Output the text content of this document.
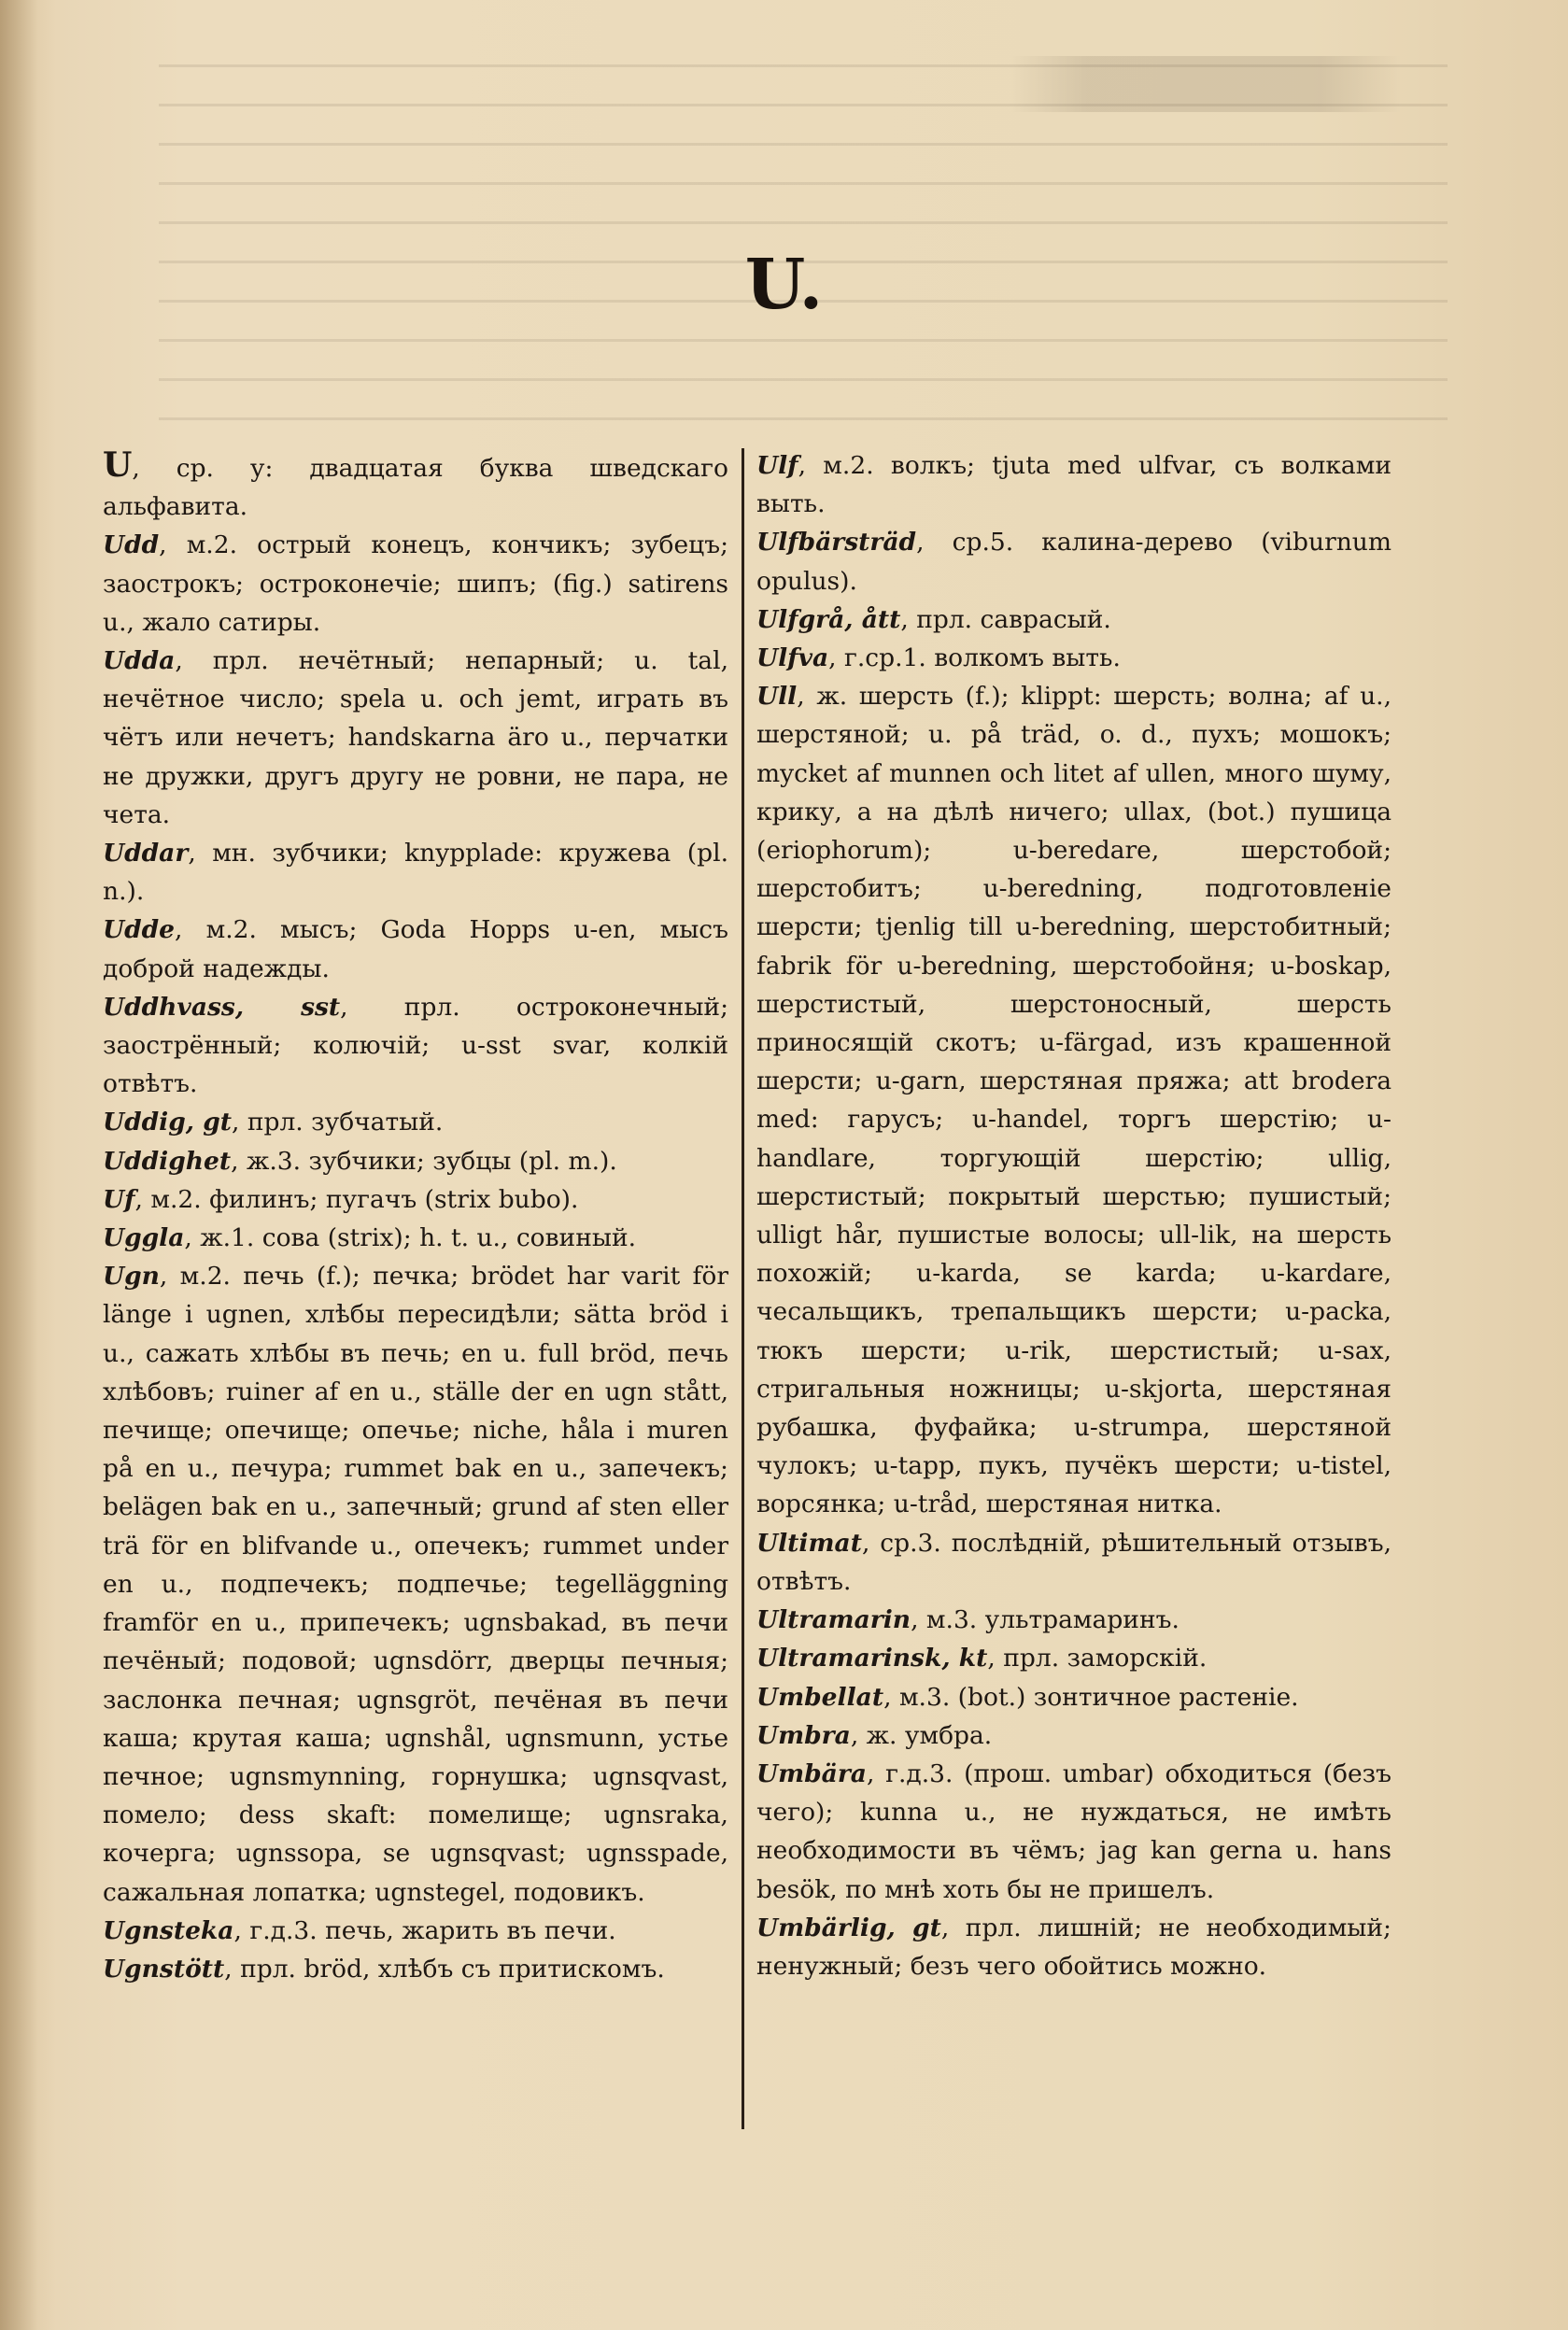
U.

U, ср. у: двадцатая буква шведскаго альфавита.

Udd, м.2. острый конецъ, кончикъ; зубецъ; заострокъ; остроконечіе; шипъ; (fig.) satirens u., жало сатиры.

Udda, прл. нечётный; непарный; u. tal, нечётное число; spela u. och jemt, играть въ чётъ или нечетъ; handskarna äro u., перчатки не дружки, другъ другу не ровни, не пара, не чета.

Uddar, мн. зубчики; knypplade: кружева (pl. n.).

Udde, м.2. мысъ; Goda Hopps u-en, мысъ доброй надежды.

Uddhvass, sst, прл. остроконечный; заострённый; колючій; u-sst svar, колкій отвѣтъ.

Uddig, gt, прл. зубчатый.

Uddighet, ж.3. зубчики; зубцы (pl. m.).

Uf, м.2. филинъ; пугачъ (strix bubo).

Uggla, ж.1. сова (strix); h. t. u., совиный.

Ugn, м.2. печь (f.); печка; brödet har varit för länge i ugnen, хлѣбы пересидѣли; sätta bröd i u., сажать хлѣбы въ печь; en u. full bröd, печь хлѣбовъ; ruiner af en u., ställe der en ugn stått, печище; опечище; опечье; niche, håla i muren på en u., печура; rummet bak en u., запечекъ; belägen bak en u., запечный; grund af sten eller trä för en blifvande u., опечекъ; rummet under en u., подпечекъ; подпечье; tegelläggning framför en u., припечекъ; ugnsbakad, въ печи печёный; подовой; ugnsdörr, дверцы печныя; заслонка печная; ugnsgröt, печёная въ печи каша; крутая каша; ugnshål, ugnsmunn, устье печное; ugnsmynning, горнушка; ugnsqvast, помело; dess skaft: помелище; ugnsraka, кочерга; ugnssopa, se ugnsqvast; ugnsspade, сажальная лопатка; ugnstegel, подовикъ.

Ugnsteka, г.д.3. печь, жарить въ печи.

Ugnstött, прл. bröd, хлѣбъ съ притискомъ.

Ulf, м.2. волкъ; tjuta med ulfvar, съ волками выть.

Ulfbärsträd, ср.5. калина-дерево (viburnum opulus).

Ulfgrå, ått, прл. саврасый.

Ulfva, г.ср.1. волкомъ выть.

Ull, ж. шерсть (f.); klippt: шерсть; волна; af u., шерстяной; u. på träd, o. d., пухъ; мошокъ; mycket af munnen och litet af ullen, много шуму, крику, а на дѣлѣ ничего; ullax, (bot.) пушица (eriophorum); u-beredare, шерстобой; шерстобитъ; u-beredning, подготовленіе шерсти; tjenlig till u-beredning, шерстобитный; fabrik för u-beredning, шерстобойня; u-boskap, шерстистый, шерстоносный, шерсть приносящій скотъ; u-färgad, изъ крашенной шерсти; u-garn, шерстяная пряжа; att brodera med: гарусъ; u-handel, торгъ шерстію; u-handlare, торгующій шерстію; ullig, шерстистый; покрытый шерстью; пушистый; ulligt hår, пушистые волосы; ull-lik, на шерсть похожій; u-karda, se karda; u-kardare, чесальщикъ, трепальщикъ шерсти; u-packa, тюкъ шерсти; u-rik, шерстистый; u-sax, стригальныя ножницы; u-skjorta, шерстяная рубашка, фуфайка; u-strumpa, шерстяной чулокъ; u-tapp, пукъ, пучёкъ шерсти; u-tistel, ворсянка; u-tråd, шерстяная нитка.

Ultimat, ср.3. послѣдній, рѣшительный отзывъ, отвѣтъ.

Ultramarin, м.3. ультрамаринъ.

Ultramarinsk, kt, прл. заморскій.

Umbellat, м.3. (bot.) зонтичное растеніе.

Umbra, ж. умбра.

Umbära, г.д.3. (прош. umbar) обходиться (безъ чего); kunna u., не нуждаться, не имѣть необходимости въ чёмъ; jag kan gerna u. hans besök, по мнѣ хоть бы не пришелъ.

Umbärlig, gt, прл. лишній; не необходимый; ненужный; безъ чего обойтись можно.
